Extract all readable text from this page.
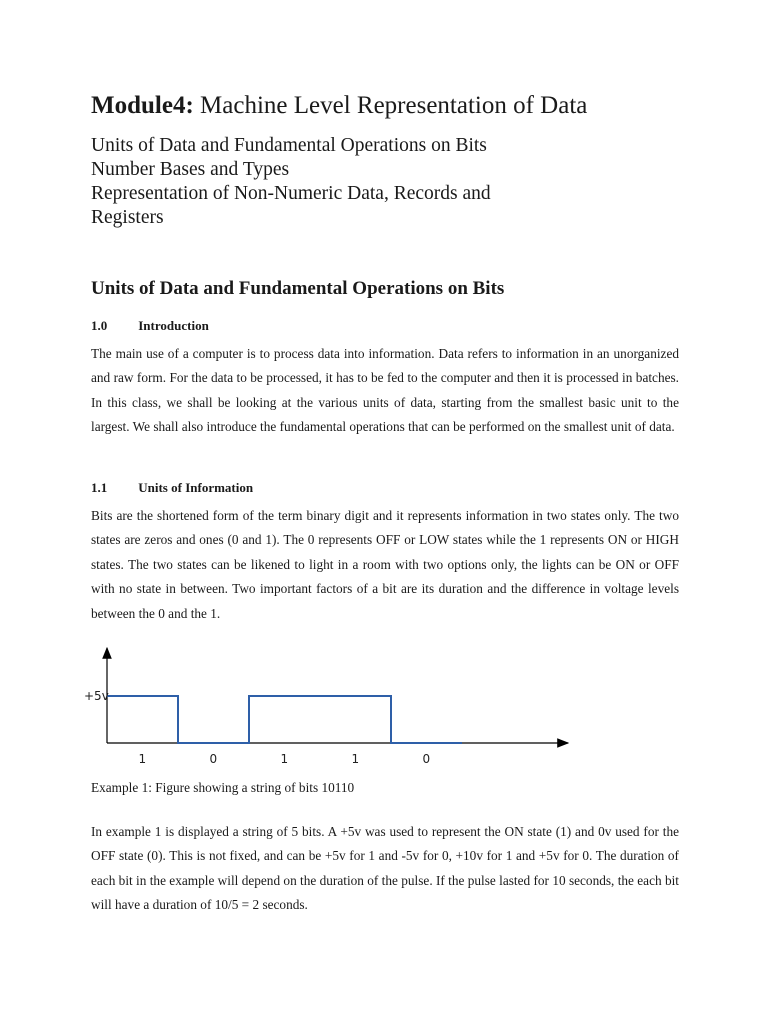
Module4: Machine Level Representation of Data
Units of Data and Fundamental Operations on Bits
Number Bases and Types
Representation of Non-Numeric Data, Records and Registers
Units of Data and Fundamental Operations on Bits
1.0 Introduction

The main use of a computer is to process data into information. Data refers to information in an unorganized and raw form. For the data to be processed, it has to be fed to the computer and then it is processed in batches. In this class, we shall be looking at the various units of data, starting from the smallest basic unit to the largest. We shall also introduce the fundamental operations that can be performed on the smallest unit of data.

1.1 Units of Information

Bits are the shortened form of the term binary digit and it represents information in two states only. The two states are zeros and ones (0 and 1). The 0 represents OFF or LOW states while the 1 represents ON or HIGH states. The two states can be likened to light in a room with two options only, the lights can be ON or OFF with no state in between. Two important factors of a bit are its duration and the difference in voltage levels between the 0 and the 1.

In example 1 is displayed a string of 5 bits. A +5v was used to represent the ON state (1) and 0v used for the OFF state (0). This is not fixed, and can be +5v for 1 and -5v for 0, +10v for 1 and +5v for 0. The duration of each bit in the example will depend on the duration of the pulse. If the pulse lasted for 10 seconds, the each bit will have a duration of 10/5 = 2 seconds.

Example 1: Figure showing a string of bits 10110
+5v
1	0	1	1	0
